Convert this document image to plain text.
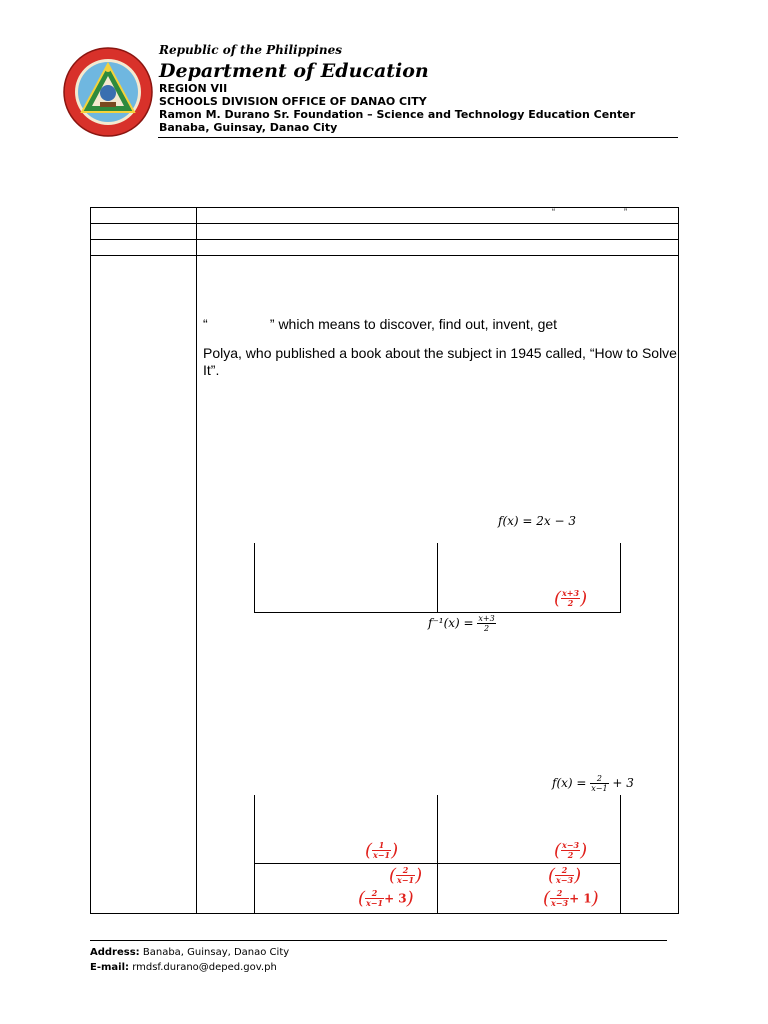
Republic of the Philippines
Department of Education
REGION VII
SCHOOLS DIVISION OFFICE OF DANAO CITY
Ramon M. Durano Sr. Foundation – Science and Technology Education Center
Banaba, Guinsay, Danao City
“	”
“                ” which means to discover, find out, invent, get
Polya, who published a book about the subject in 1945 called, “How to Solve It”.
f(x) = 2x − 3
( $\frac{x+3}{2}$ )
$f^{-1}(x) = \frac{x+3}{2}$
$f(x) = \frac{2}{x-1} + 3$
( $\frac{1}{x-1}$ )
( $\frac{2}{x-1}$ )
( $\frac{2}{x-1} + 3$)
( $\frac{x-3}{2}$ )
( $\frac{2}{x-3}$ )
( $\frac{2}{x-3} + 1$)
Address: Banaba, Guinsay, Danao City
E-mail: rmdsf.durano@deped.gov.ph
